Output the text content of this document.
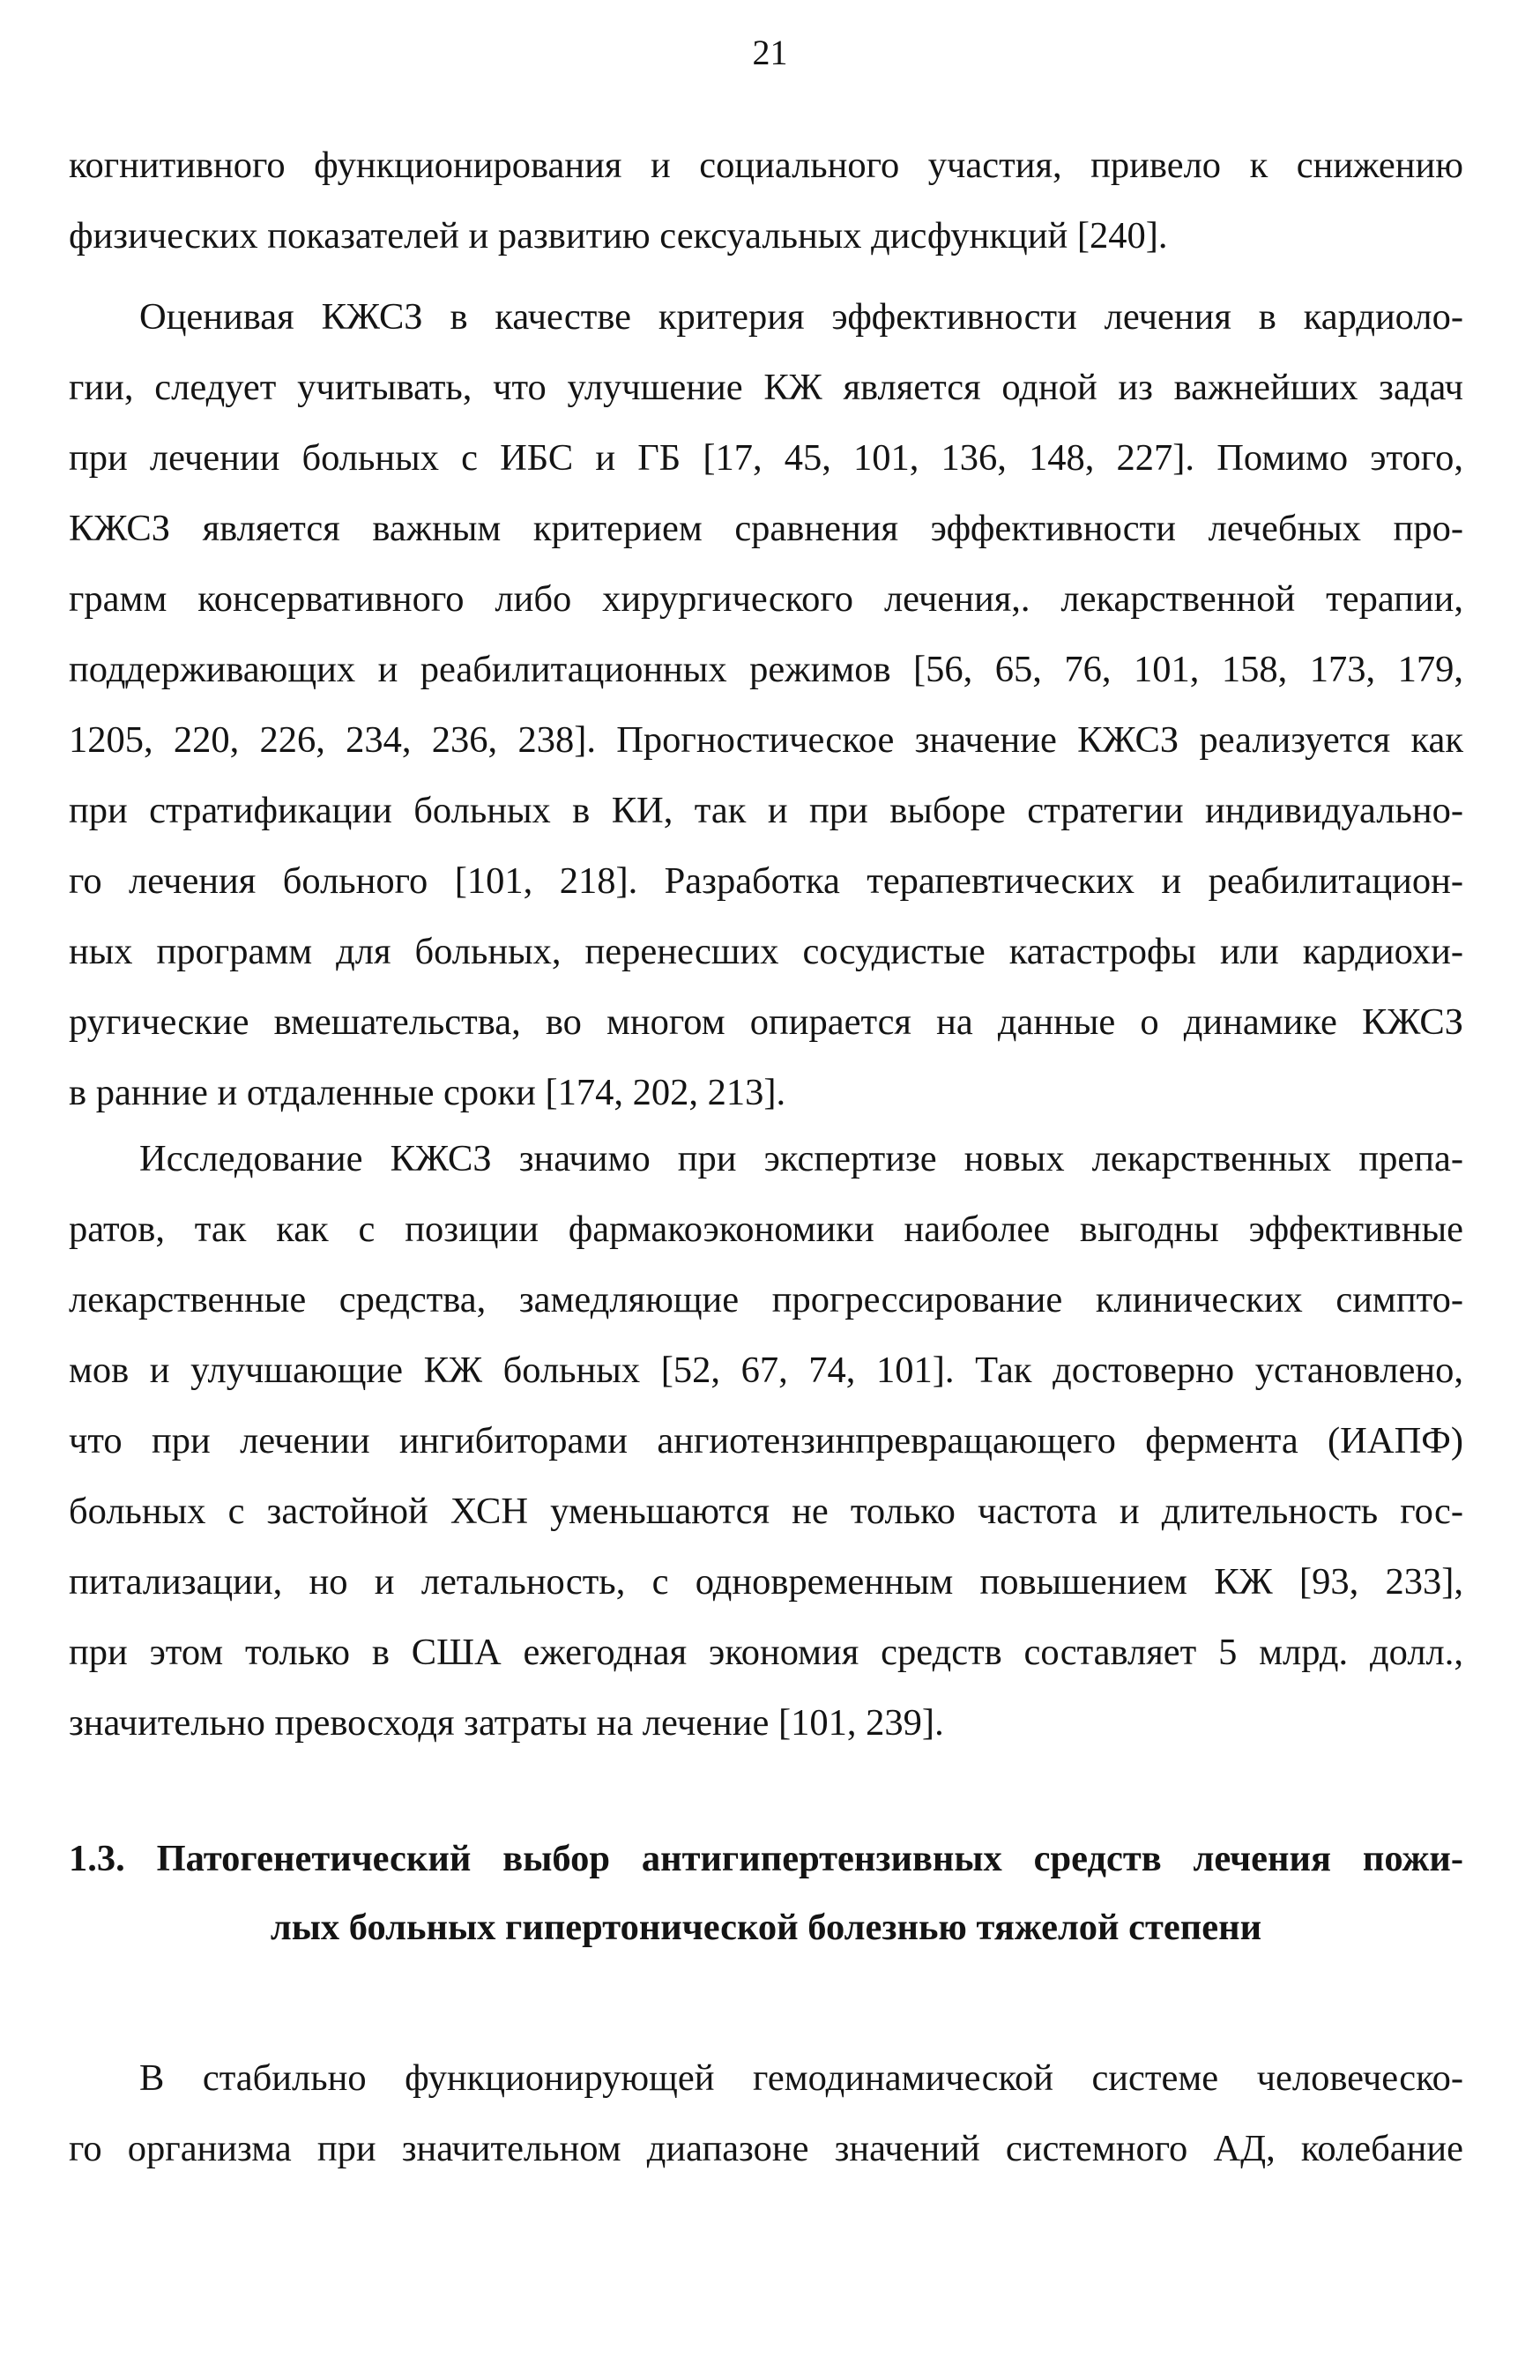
21
когнитивного функционирования и социального участия, привело к снижению
физических показателей и развитию сексуальных дисфункций [240].
Оценивая КЖСЗ в качестве критерия эффективности лечения в кардиоло-
гии, следует учитывать, что улучшение КЖ является одной из важнейших задач
при лечении больных с ИБС и ГБ [17, 45, 101, 136, 148, 227]. Помимо этого,
КЖСЗ является важным критерием сравнения эффективности лечебных про-
грамм консервативного либо хирургического лечения,. лекарственной терапии,
поддерживающих и реабилитационных режимов [56, 65, 76, 101, 158, 173, 179,
1205, 220, 226, 234, 236, 238]. Прогностическое значение КЖСЗ реализуется как
при стратификации больных в КИ, так и при выборе стратегии индивидуально-
го лечения больного [101, 218]. Разработка терапевтических и реабилитацион-
ных программ для больных, перенесших сосудистые катастрофы или кардиохи-
ругические вмешательства, во многом опирается на данные о динамике КЖСЗ
в ранние и отдаленные сроки [174, 202, 213].
Исследование КЖСЗ значимо при экспертизе новых лекарственных препа-
ратов, так как с позиции фармакоэкономики наиболее выгодны эффективные
лекарственные средства, замедляющие прогрессирование клинических симпто-
мов и улучшающие КЖ больных [52, 67, 74, 101]. Так достоверно установлено,
что при лечении ингибиторами ангиотензинпревращающего фермента (ИАПФ)
больных с застойной ХСН уменьшаются не только частота и длительность гос-
питализации, но и летальность, с одновременным повышением КЖ [93, 233],
при этом только в США ежегодная экономия средств составляет 5 млрд. долл.,
значительно превосходя затраты на лечение [101, 239].
1.3. Патогенетический выбор антигипертензивных средств лечения пожи-
лых больных гипертонической болезнью тяжелой степени
В стабильно функционирующей гемодинамической системе человеческо-
го организма при значительном диапазоне значений системного АД, колебание
